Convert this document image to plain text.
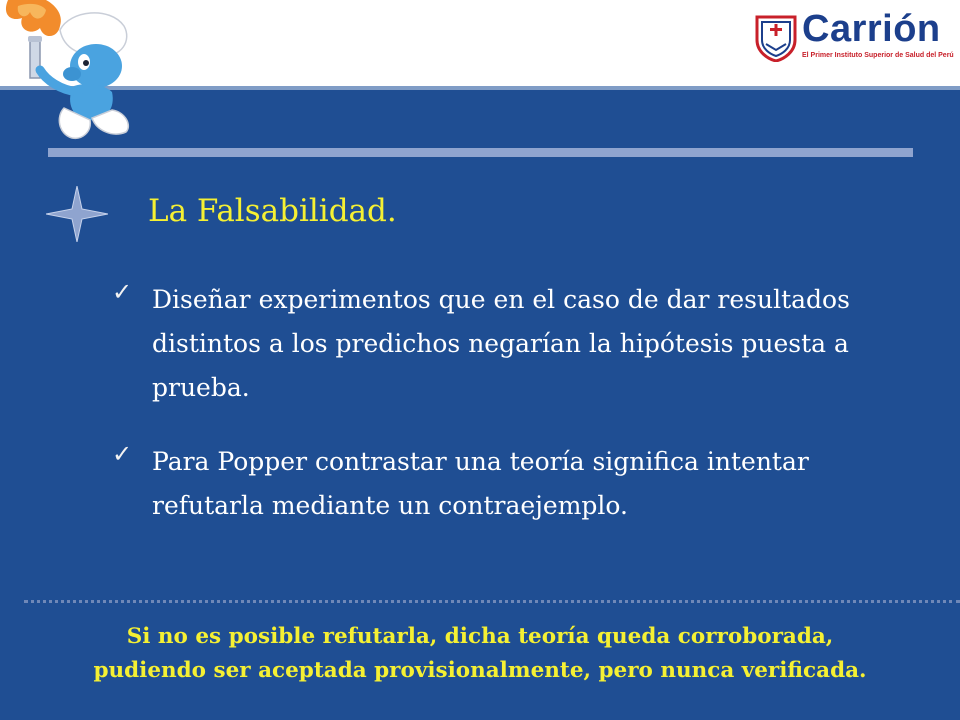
Carrión
El Primer Instituto Superior de Salud del Perú
La Falsabilidad.
✓ Diseñar experimentos que en el caso de dar resultados distintos a los predichos negarían la hipótesis puesta a prueba.
✓ Para Popper contrastar una teoría significa intentar refutarla mediante un contraejemplo.
Si no es posible refutarla, dicha teoría queda corroborada,
pudiendo ser aceptada provisionalmente, pero nunca verificada.
